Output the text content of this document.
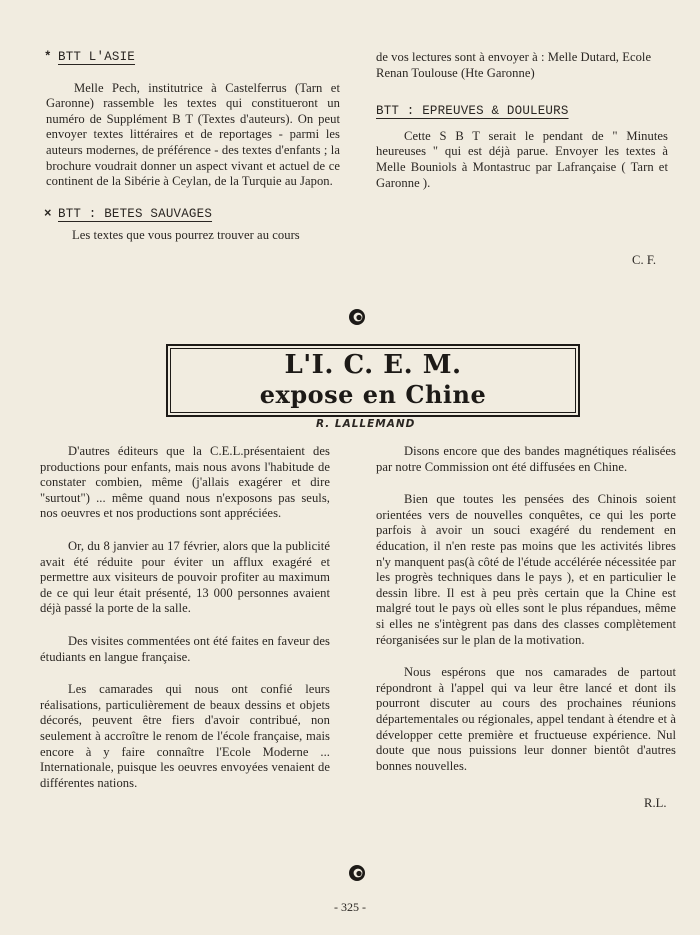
* BTT L'ASIE

Melle Pech, institutrice à Castelferrus (Tarn et Garonne) rassemble les textes qui constitueront un numéro de Supplément B T (Textes d'auteurs). On peut envoyer textes littéraires et de reportages - parmi les auteurs modernes, de préférence - des textes d'enfants ; la brochure voudrait donner un aspect vivant et actuel de ce continent de la Sibérie à Ceylan, de la Turquie au Japon.

× BTT : BETES SAUVAGES

Les textes que vous pourrez trouver au cours

de vos lectures sont à envoyer à : Melle Dutard, Ecole Renan Toulouse (Hte Garonne)

BTT : EPREUVES & DOULEURS

Cette S B T serait le pendant de " Minutes heureuses " qui est déjà parue. Envoyer les textes à Melle Bouniols à Montastruc par Lafrançaise ( Tarn et Garonne ).

C. F.
L'I. C. E. M.
expose en Chine
R. LALLEMAND

D'autres éditeurs que la C.E.L.présentaient des productions pour enfants, mais nous avons l'habitude de constater combien, même (j'allais exagérer et dire "surtout") ... même quand nous n'exposons pas seuls, nos oeuvres et nos productions sont appréciées.

Or, du 8 janvier au 17 février, alors que la publicité avait été réduite pour éviter un afflux exagéré et permettre aux visiteurs de pouvoir profiter au maximum de ce qui leur était présenté, 13 000 personnes avaient déjà passé la porte de la salle.

Des visites commentées ont été faites en faveur des étudiants en langue française.

Les camarades qui nous ont confié leurs réalisations, particulièrement de beaux dessins et objets décorés, peuvent être fiers d'avoir contribué, non seulement à accroître le renom de l'école française, mais encore à y faire connaître l'Ecole Moderne ... Internationale, puisque les oeuvres envoyées venaient de différentes nations.

Disons encore que des bandes magnétiques réalisées par notre Commission ont été diffusées en Chine.

Bien que toutes les pensées des Chinois soient orientées vers de nouvelles conquêtes, ce qui les porte parfois à avoir un souci exagéré du rendement en éducation, il n'en reste pas moins que les activités libres n'y manquent pas(à côté de l'étude accélérée nécessitée par les progrès techniques dans le pays ), et en particulier le dessin libre. Il est à peu près certain que la Chine est malgré tout le pays où elles sont le plus répandues, même si elles ne s'intègrent pas dans des classes complètement réorganisées sur le plan de la motivation.

Nous espérons que nos camarades de partout répondront à l'appel qui va leur être lancé et dont ils pourront discuter au cours des prochaines réunions départementales ou régionales, appel tendant à étendre et à développer cette première et fructueuse expérience. Nul doute que nous puissions leur donner bientôt d'autres bonnes nouvelles.

R.L.
- 325 -
